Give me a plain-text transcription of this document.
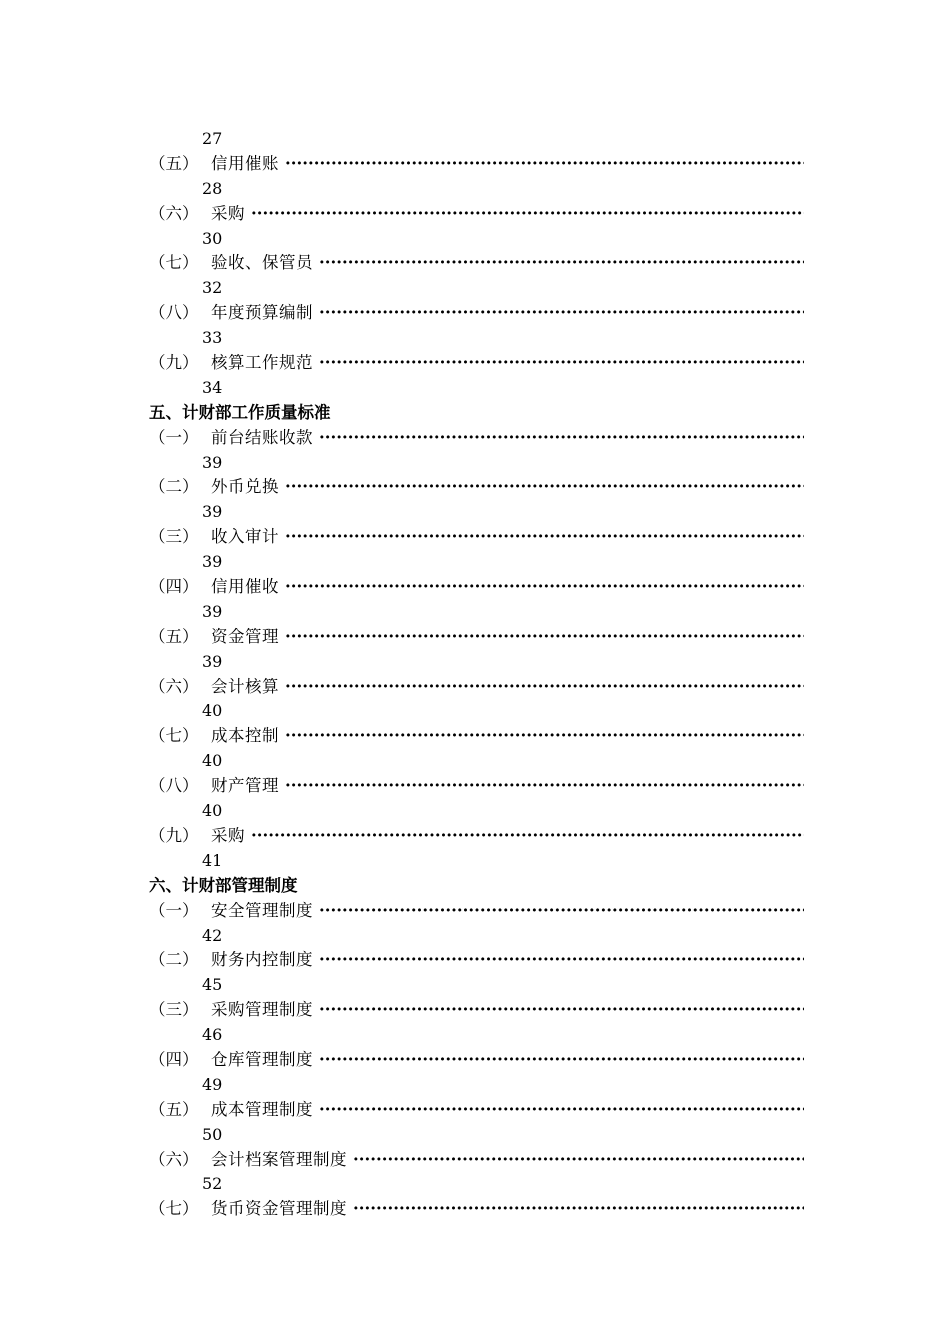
27
（五） 信用催账
·····
28
（六） 采购
·····
30
（七） 验收、保管员
·····
32
（八） 年度预算编制
·····
33
（九） 核算工作规范
·····
34
五、计财部工作质量标准
（一） 前台结账收款
·····
39
（二） 外币兑换
·····
39
（三） 收入审计
·····
39
（四） 信用催收
·····
39
（五） 资金管理
·····
39
（六） 会计核算
·····
40
（七） 成本控制
·····
40
（八） 财产管理
·····
40
（九） 采购
·····
41
六、计财部管理制度
（一） 安全管理制度
·····
42
（二） 财务内控制度
·····
45
（三） 采购管理制度
·····
46
（四） 仓库管理制度
·····
49
（五） 成本管理制度
·····
50
（六） 会计档案管理制度
·····
52
（七） 货币资金管理制度
·····
